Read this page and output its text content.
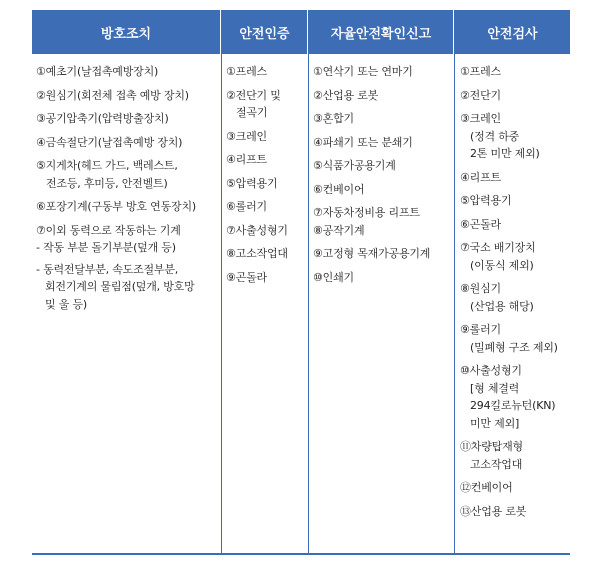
방호조치
①예초기(날접촉예방장치)
②원심기(회전체 접촉 예방 장치)
③공기압축기(압력방출장치)
④금속절단기(날접촉예방 장치)
⑤지게차(헤드 가드, 백레스트,
전조등, 후미등, 안전벨트)
⑥포장기계(구동부 방호 연동장치)
⑦이외 동력으로 작동하는 기계
- 작동 부분 돌기부분(덮개 등)
- 동력전달부분, 속도조절부분,
회전기계의 물림점(덮개, 방호망
및 울 등)
안전인증
①프레스
②전단기 및
절곡기
③크레인
④리프트
⑤압력용기
⑥롤러기
⑦사출성형기
⑧고소작업대
⑨곤돌라
자율안전확인신고
①연삭기 또는 연마기
②산업용 로봇
③혼합기
④파쇄기 또는 분쇄기
⑤식품가공용기계
⑥컨베이어
⑦자동차정비용 리프트
⑧공작기계
⑨고정형 목재가공용기계
⑩인쇄기
안전검사
①프레스
②전단기
③크레인
(정격 하중
2톤 미만 제외)
④리프트
⑤압력용기
⑥곤돌라
⑦국소 배기장치
(이동식 제외)
⑧원심기
(산업용 해당)
⑨롤러기
(밀폐형 구조 제외)
⑩사출성형기
[형 체결력
294킬로뉴턴(KN)
미만 제외]
⑪차량탑재형
고소작업대
⑫컨베이어
⑬산업용 로봇
